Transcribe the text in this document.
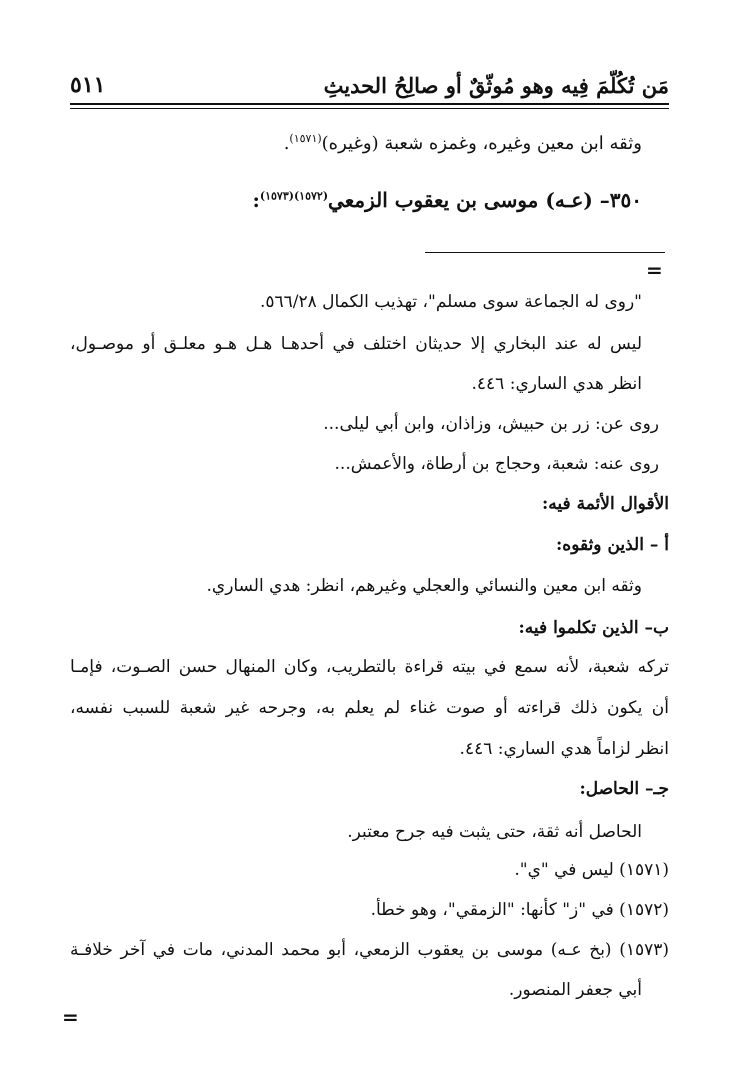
٥١١	مَن تُكُلّمَ فِيه وهو مُوثّقٌ أو صالِحُ الحديثِ
وثقه ابن معين وغيره، وغمزه شعبة (وغيره)$^{(١٥٧١)}$.
٣٥٠– (عـه) موسى بن يعقوب الزمعي$^{(١٥٧٢)(١٥٧٣)}$:
=
"روى له الجماعة سوى مسلم"، تهذيب الكمال ٥٦٦/٢٨.
ليس له عند البخاري إلا حديثان اختلف في أحدهـا هـل هـو معلـق أو موصـول،
انظر هدي الساري: ٤٤٦.
روى عن: زر بن حبيش، وزاذان، وابن أبي ليلى...
روى عنه: شعبة، وحجاج بن أرطاة، والأعمش...
الأقوال الأئمة فيه:
أ – الذين وثقوه:
وثقه ابن معين والنسائي والعجلي وغيرهم، انظر: هدي الساري.
ب– الذين تكلموا فيه:
تركه شعبة، لأنه سمع في بيته قراءة بالتطريب، وكان المنهال حسن الصـوت، فإمـا
أن يكون ذلك قراءته أو صوت غناء لم يعلم به، وجرحه غير شعبة للسبب نفسه،
انظر لزاماً هدي الساري: ٤٤٦.
جـ– الحاصل:
الحاصل أنه ثقة، حتى يثبت فيه جرح معتبر.
(١٥٧١) ليس في "ي".
(١٥٧٢) في "ز" كأنها: "الزمقي"، وهو خطأ.
(١٥٧٣) (بخ عـه) موسى بن يعقوب الزمعي، أبو محمد المدني، مات في آخر خلافـة
أبي جعفر المنصور.
=
